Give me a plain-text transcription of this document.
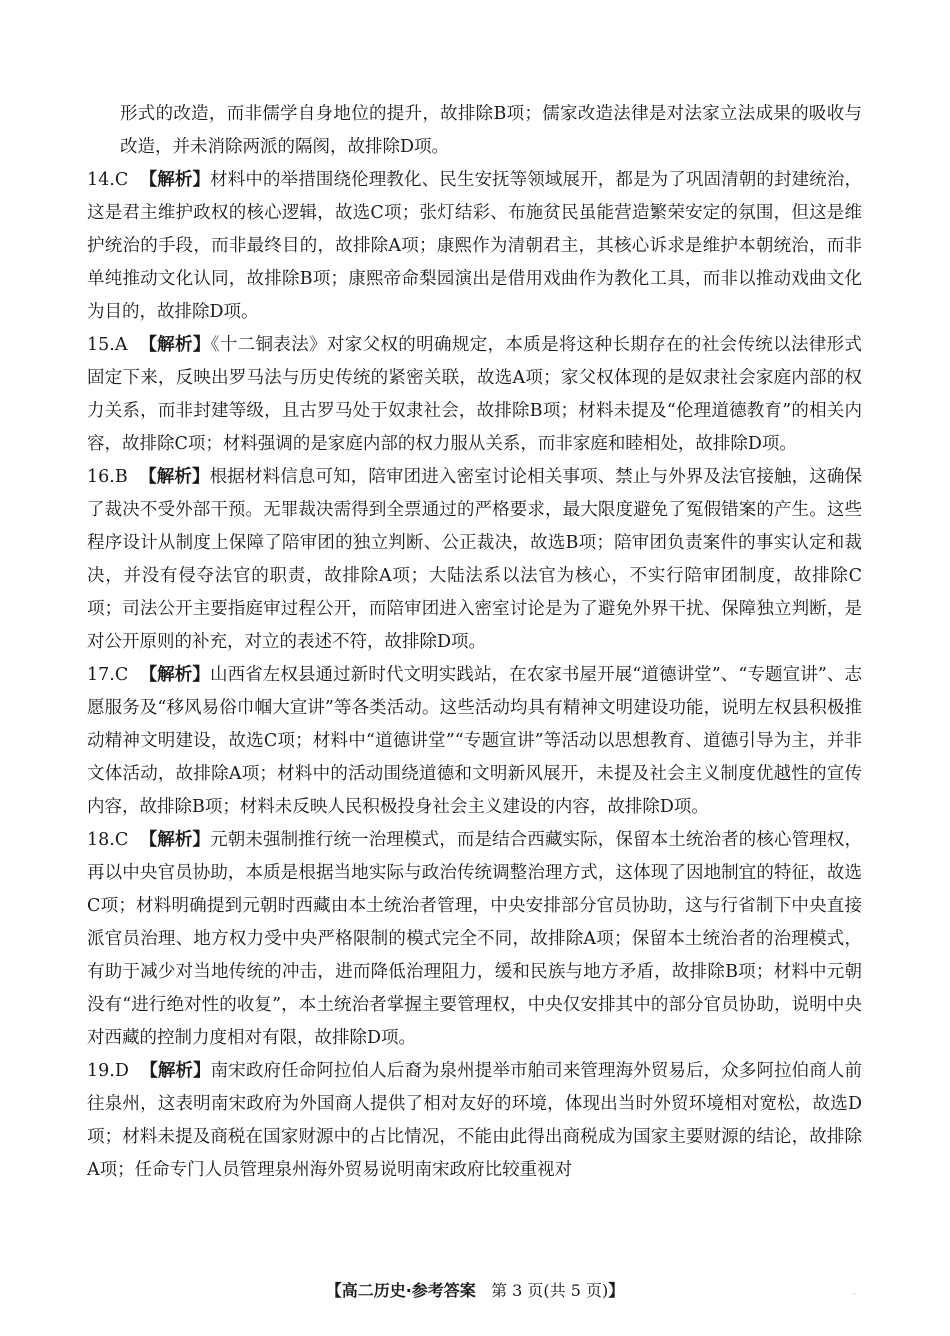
形式的改造，而非儒学自身地位的提升，故排除B项；儒家改造法律是对法家立法成果的吸收与改造，并未消除两派的隔阂，故排除D项。
14.C 【解析】材料中的举措围绕伦理教化、民生安抚等领域展开，都是为了巩固清朝的封建统治，这是君主维护政权的核心逻辑，故选C项；张灯结彩、布施贫民虽能营造繁荣安定的氛围，但这是维护统治的手段，而非最终目的，故排除A项；康熙作为清朝君主，其核心诉求是维护本朝统治，而非单纯推动文化认同，故排除B项；康熙帝命梨园演出是借用戏曲作为教化工具，而非以推动戏曲文化为目的，故排除D项。
15.A 【解析】《十二铜表法》对家父权的明确规定，本质是将这种长期存在的社会传统以法律形式固定下来，反映出罗马法与历史传统的紧密关联，故选A项；家父权体现的是奴隶社会家庭内部的权力关系，而非封建等级，且古罗马处于奴隶社会，故排除B项；材料未提及“伦理道德教育”的相关内容，故排除C项；材料强调的是家庭内部的权力服从关系，而非家庭和睦相处，故排除D项。
16.B 【解析】根据材料信息可知，陪审团进入密室讨论相关事项、禁止与外界及法官接触，这确保了裁决不受外部干预。无罪裁决需得到全票通过的严格要求，最大限度避免了冤假错案的产生。这些程序设计从制度上保障了陪审团的独立判断、公正裁决，故选B项；陪审团负责案件的事实认定和裁决，并没有侵夺法官的职责，故排除A项；大陆法系以法官为核心，不实行陪审团制度，故排除C项；司法公开主要指庭审过程公开，而陪审团进入密室讨论是为了避免外界干扰、保障独立判断，是对公开原则的补充，对立的表述不符，故排除D项。
17.C 【解析】山西省左权县通过新时代文明实践站，在农家书屋开展“道德讲堂”、“专题宣讲”、志愿服务及“移风易俗巾帼大宣讲”等各类活动。这些活动均具有精神文明建设功能，说明左权县积极推动精神文明建设，故选C项；材料中“道德讲堂”“专题宣讲”等活动以思想教育、道德引导为主，并非文体活动，故排除A项；材料中的活动围绕道德和文明新风展开，未提及社会主义制度优越性的宣传内容，故排除B项；材料未反映人民积极投身社会主义建设的内容，故排除D项。
18.C 【解析】元朝未强制推行统一治理模式，而是结合西藏实际，保留本土统治者的核心管理权，再以中央官员协助，本质是根据当地实际与政治传统调整治理方式，这体现了因地制宜的特征，故选C项；材料明确提到元朝时西藏由本土统治者管理，中央安排部分官员协助，这与行省制下中央直接派官员治理、地方权力受中央严格限制的模式完全不同，故排除A项；保留本土统治者的治理模式，有助于减少对当地传统的冲击，进而降低治理阻力，缓和民族与地方矛盾，故排除B项；材料中元朝没有“进行绝对性的收复”，本土统治者掌握主要管理权，中央仅安排其中的部分官员协助，说明中央对西藏的控制力度相对有限，故排除D项。
19.D 【解析】南宋政府任命阿拉伯人后裔为泉州提举市舶司来管理海外贸易后，众多阿拉伯商人前往泉州，这表明南宋政府为外国商人提供了相对友好的环境，体现出当时外贸环境相对宽松，故选D项；材料未提及商税在国家财源中的占比情况，不能由此得出商税成为国家主要财源的结论，故排除A项；任命专门人员管理泉州海外贸易说明南宋政府比较重视对
【高二历史·参考答案 第 3 页(共 5 页)】	··
